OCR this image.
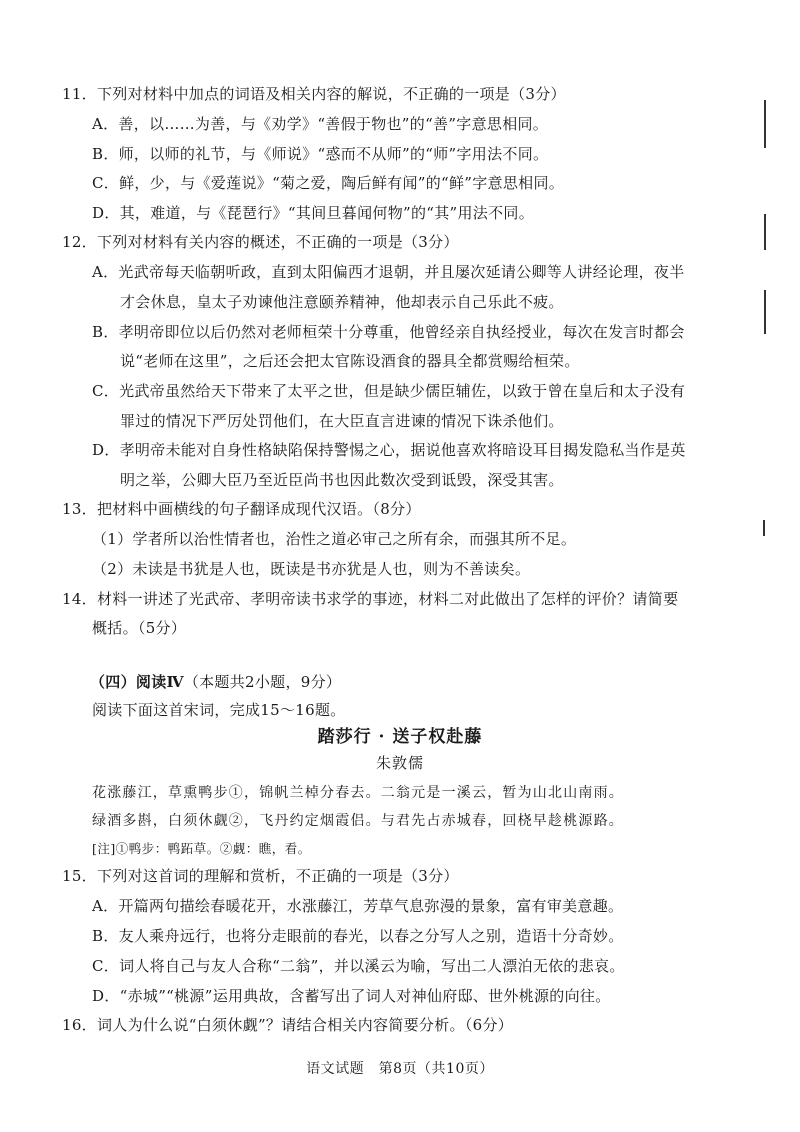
11．下列对材料中加点的词语及相关内容的解说，不正确的一项是（3分）
A．善，以……为善，与《劝学》“善假于物也”的“善”字意思相同。
B．师，以师的礼节，与《师说》“惑而不从师”的“师”字用法不同。
C．鲜，少，与《爱莲说》“菊之爱，陶后鲜有闻”的“鲜”字意思相同。
D．其，难道，与《琵琶行》“其间旦暮闻何物”的“其”用法不同。
12．下列对材料有关内容的概述，不正确的一项是（3分）
A．光武帝每天临朝听政，直到太阳偏西才退朝，并且屡次延请公卿等人讲经论理，夜半
才会休息，皇太子劝谏他注意颐养精神，他却表示自己乐此不疲。
B．孝明帝即位以后仍然对老师桓荣十分尊重，他曾经亲自执经授业，每次在发言时都会
说“老师在这里”，之后还会把太官陈设酒食的器具全都赏赐给桓荣。
C．光武帝虽然给天下带来了太平之世，但是缺少儒臣辅佐，以致于曾在皇后和太子没有
罪过的情况下严厉处罚他们，在大臣直言进谏的情况下诛杀他们。
D．孝明帝未能对自身性格缺陷保持警惕之心，据说他喜欢将暗设耳目揭发隐私当作是英
明之举，公卿大臣乃至近臣尚书也因此数次受到诋毁，深受其害。
13．把材料中画横线的句子翻译成现代汉语。（8分）
（1）学者所以治性情者也，治性之道必审己之所有余，而强其所不足。
（2）未读是书犹是人也，既读是书亦犹是人也，则为不善读矣。
14．材料一讲述了光武帝、孝明帝读书求学的事迹，材料二对此做出了怎样的评价？请简要
概括。（5分）
（四）阅读Ⅳ（本题共2小题，9分）
阅读下面这首宋词，完成15～16题。
踏莎行 · 送子权赴藤
朱敦儒
花涨藤江，草熏鸭步①，锦帆兰棹分春去。二翁元是一溪云，暂为山北山南雨。
绿酒多斟，白须休觑②，飞丹约定烟霞侣。与君先占赤城春，回桡早趁桃源路。
[注]①鸭步：鸭跖草。②觑：瞧，看。
15．下列对这首词的理解和赏析，不正确的一项是（3分）
A．开篇两句描绘春暖花开，水涨藤江，芳草气息弥漫的景象，富有审美意趣。
B．友人乘舟远行，也将分走眼前的春光，以春之分写人之别，造语十分奇妙。
C．词人将自己与友人合称“二翁”，并以溪云为喻，写出二人漂泊无依的悲哀。
D．“赤城”“桃源”运用典故，含蓄写出了词人对神仙府邸、世外桃源的向往。
16．词人为什么说“白须休觑”？请结合相关内容简要分析。（6分）
语文试题　第8页（共10页）
